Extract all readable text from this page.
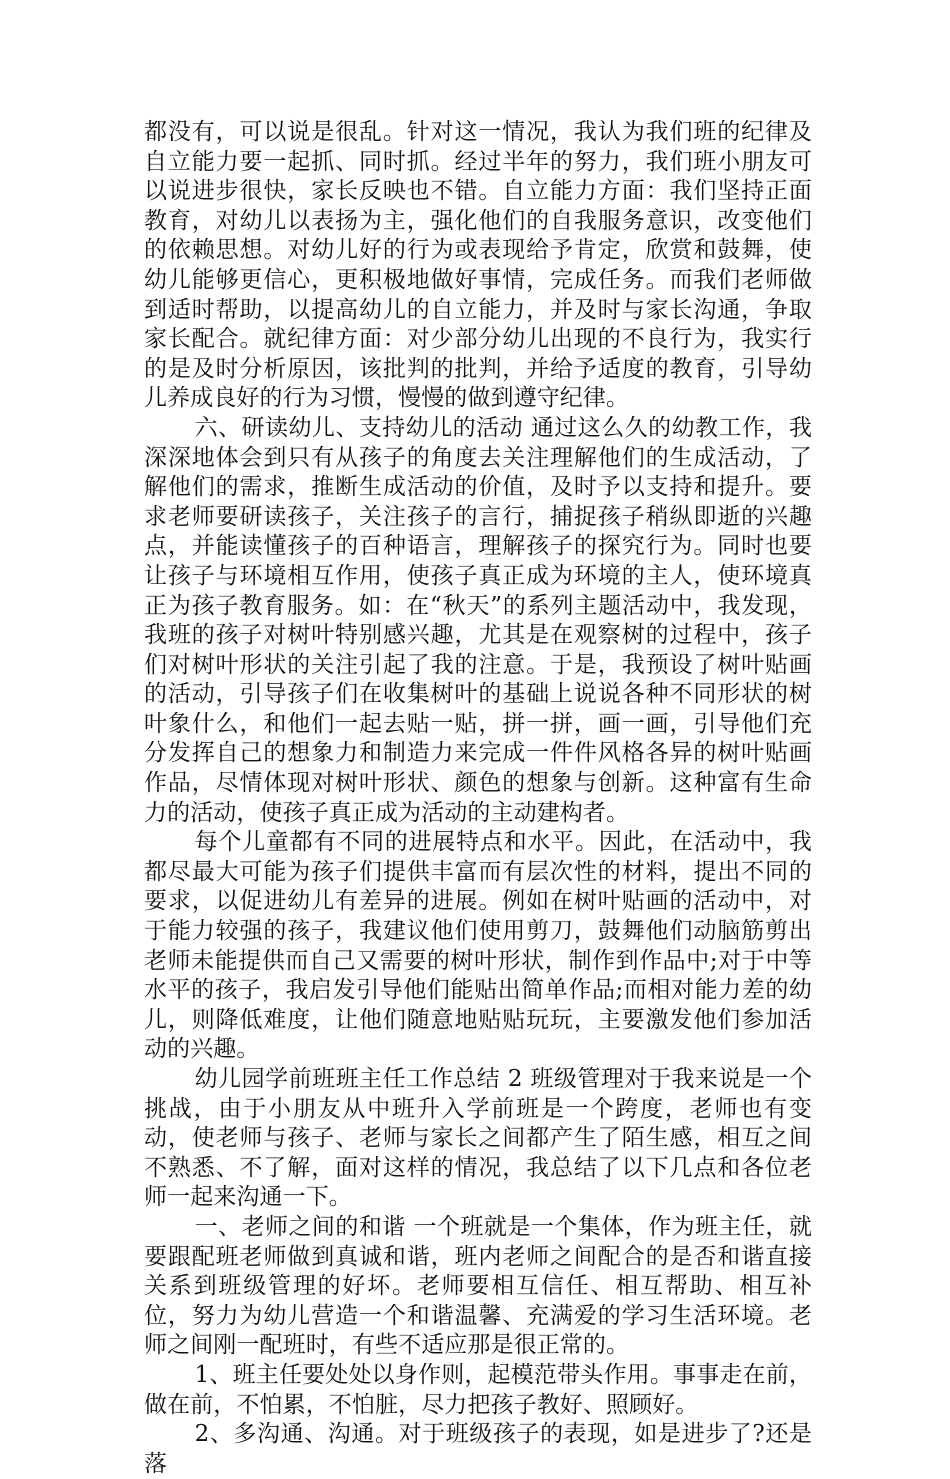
都没有，可以说是很乱。针对这一情况，我认为我们班的纪律及自立能力要一起抓、同时抓。经过半年的努力，我们班小朋友可以说进步很快，家长反映也不错。自立能力方面：我们坚持正面教育，对幼儿以表扬为主，强化他们的自我服务意识，改变他们的依赖思想。对幼儿好的行为或表现给予肯定，欣赏和鼓舞，使幼儿能够更信心，更积极地做好事情，完成任务。而我们老师做到适时帮助，以提高幼儿的自立能力，并及时与家长沟通，争取家长配合。就纪律方面：对少部分幼儿出现的不良行为，我实行的是及时分析原因，该批判的批判，并给予适度的教育，引导幼儿养成良好的行为习惯，慢慢的做到遵守纪律。

六、研读幼儿、支持幼儿的活动 通过这么久的幼教工作，我深深地体会到只有从孩子的角度去关注理解他们的生成活动，了解他们的需求，推断生成活动的价值，及时予以支持和提升。要求老师要研读孩子，关注孩子的言行，捕捉孩子稍纵即逝的兴趣点，并能读懂孩子的百种语言，理解孩子的探究行为。同时也要让孩子与环境相互作用，使孩子真正成为环境的主人，使环境真正为孩子教育服务。如：在“秋天”的系列主题活动中，我发现，我班的孩子对树叶特别感兴趣，尤其是在观察树的过程中，孩子们对树叶形状的关注引起了我的注意。于是，我预设了树叶贴画的活动，引导孩子们在收集树叶的基础上说说各种不同形状的树叶象什么，和他们一起去贴一贴，拼一拼，画一画，引导他们充分发挥自己的想象力和制造力来完成一件件风格各异的树叶贴画作品，尽情体现对树叶形状、颜色的想象与创新。这种富有生命力的活动，使孩子真正成为活动的主动建构者。

每个儿童都有不同的进展特点和水平。因此，在活动中，我都尽最大可能为孩子们提供丰富而有层次性的材料，提出不同的要求，以促进幼儿有差异的进展。例如在树叶贴画的活动中，对于能力较强的孩子，我建议他们使用剪刀，鼓舞他们动脑筋剪出老师未能提供而自己又需要的树叶形状，制作到作品中;对于中等水平的孩子，我启发引导他们能贴出简单作品;而相对能力差的幼儿，则降低难度，让他们随意地贴贴玩玩，主要激发他们参加活动的兴趣。

幼儿园学前班班主任工作总结 2 班级管理对于我来说是一个挑战，由于小朋友从中班升入学前班是一个跨度，老师也有变动，使老师与孩子、老师与家长之间都产生了陌生感，相互之间不熟悉、不了解，面对这样的情况，我总结了以下几点和各位老师一起来沟通一下。

一、老师之间的和谐 一个班就是一个集体，作为班主任，就要跟配班老师做到真诚和谐，班内老师之间配合的是否和谐直接关系到班级管理的好坏。老师要相互信任、相互帮助、相互补位，努力为幼儿营造一个和谐温馨、充满爱的学习生活环境。老师之间刚一配班时，有些不适应那是很正常的。

1、班主任要处处以身作则，起模范带头作用。事事走在前，做在前，不怕累，不怕脏，尽力把孩子教好、照顾好。

2、多沟通、沟通。对于班级孩子的表现，如是进步了?还是落
